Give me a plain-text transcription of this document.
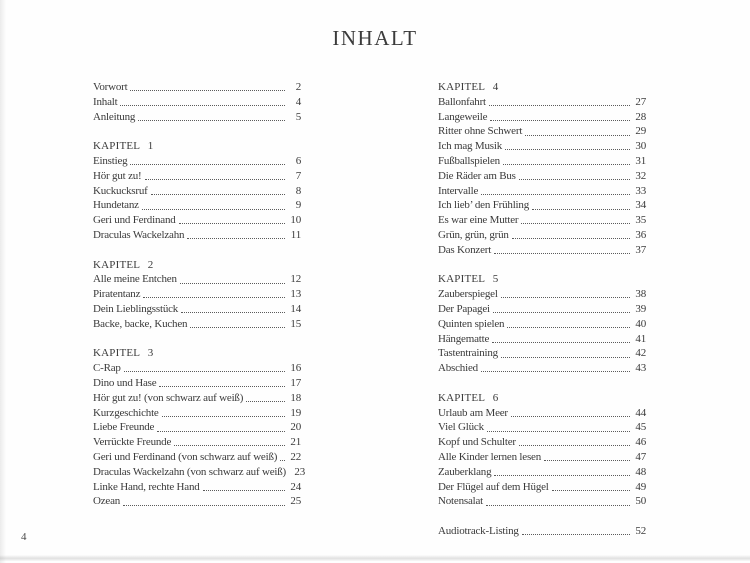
INHALT
Vorwort	2
Inhalt	4
Anleitung	5
KAPITEL 1
Einstieg	6
Hör gut zu!	7
Kuckucksruf	8
Hundetanz	9
Geri und Ferdinand	10
Draculas Wackelzahn	11
KAPITEL 2
Alle meine Entchen	12
Piratentanz	13
Dein Lieblingsstück	14
Backe, backe, Kuchen	15
KAPITEL 3
C-Rap	16
Dino und Hase	17
Hör gut zu! (von schwarz auf weiß)	18
Kurzgeschichte	19
Liebe Freunde	20
Verrückte Freunde	21
Geri und Ferdinand (von schwarz auf weiß) 22
Draculas Wackelzahn (von schwarz auf weiß) 23
Linke Hand, rechte Hand	24
Ozean	25
KAPITEL 4
Ballonfahrt	27
Langeweile	28
Ritter ohne Schwert	29
Ich mag Musik	30
Fußballspielen	31
Die Räder am Bus	32
Intervalle	33
Ich lieb’ den Frühling	34
Es war eine Mutter	35
Grün, grün, grün	36
Das Konzert	37
KAPITEL 5
Zauberspiegel	38
Der Papagei	39
Quinten spielen	40
Hängematte	41
Tastentraining	42
Abschied	43
KAPITEL 6
Urlaub am Meer	44
Viel Glück	45
Kopf und Schulter	46
Alle Kinder lernen lesen	47
Zauberklang	48
Der Flügel auf dem Hügel	49
Notensalat	50
Audiotrack-Listing	52
4
